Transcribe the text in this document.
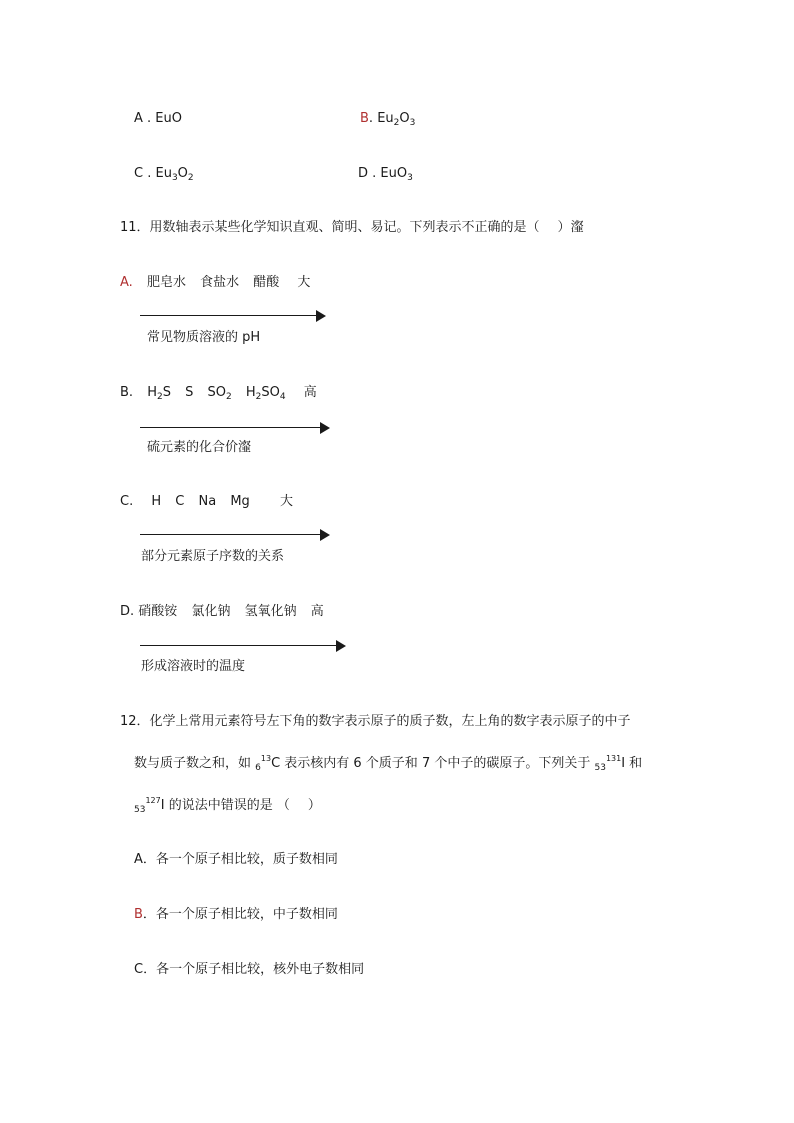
A . EuO	B. $Eu_2O_3$
C . $Eu_3O_2$	D . EuO$_3$
11．用数轴表示某些化学知识直观、简明、易记。下列表示不正确的是（ ）瀣
A. 肥皂水 食盐水 醋酸 大
常见物质溶液的 pH
B. $H_2S$ S $SO_2$ $H_2SO_4$ 高
硫元素的化合价瀣
C. H C Na Mg 大
部分元素原子序数的关系
D. 硝酸铵 氯化钠 氢氧化钠 高
形成溶液时的温度
12．化学上常用元素符号左下角的数字表示原子的质子数，左上角的数字表示原子的中子
数与质子数之和，如 $_6^{13}$C 表示核内有 6 个质子和 7 个中子的碳原子。下列关于 $_{53}^{131}$I 和
$_{53}^{127}$I 的说法中错误的是 （ ）
A．各一个原子相比较，质子数相同
B．各一个原子相比较，中子数相同
C．各一个原子相比较，核外电子数相同
